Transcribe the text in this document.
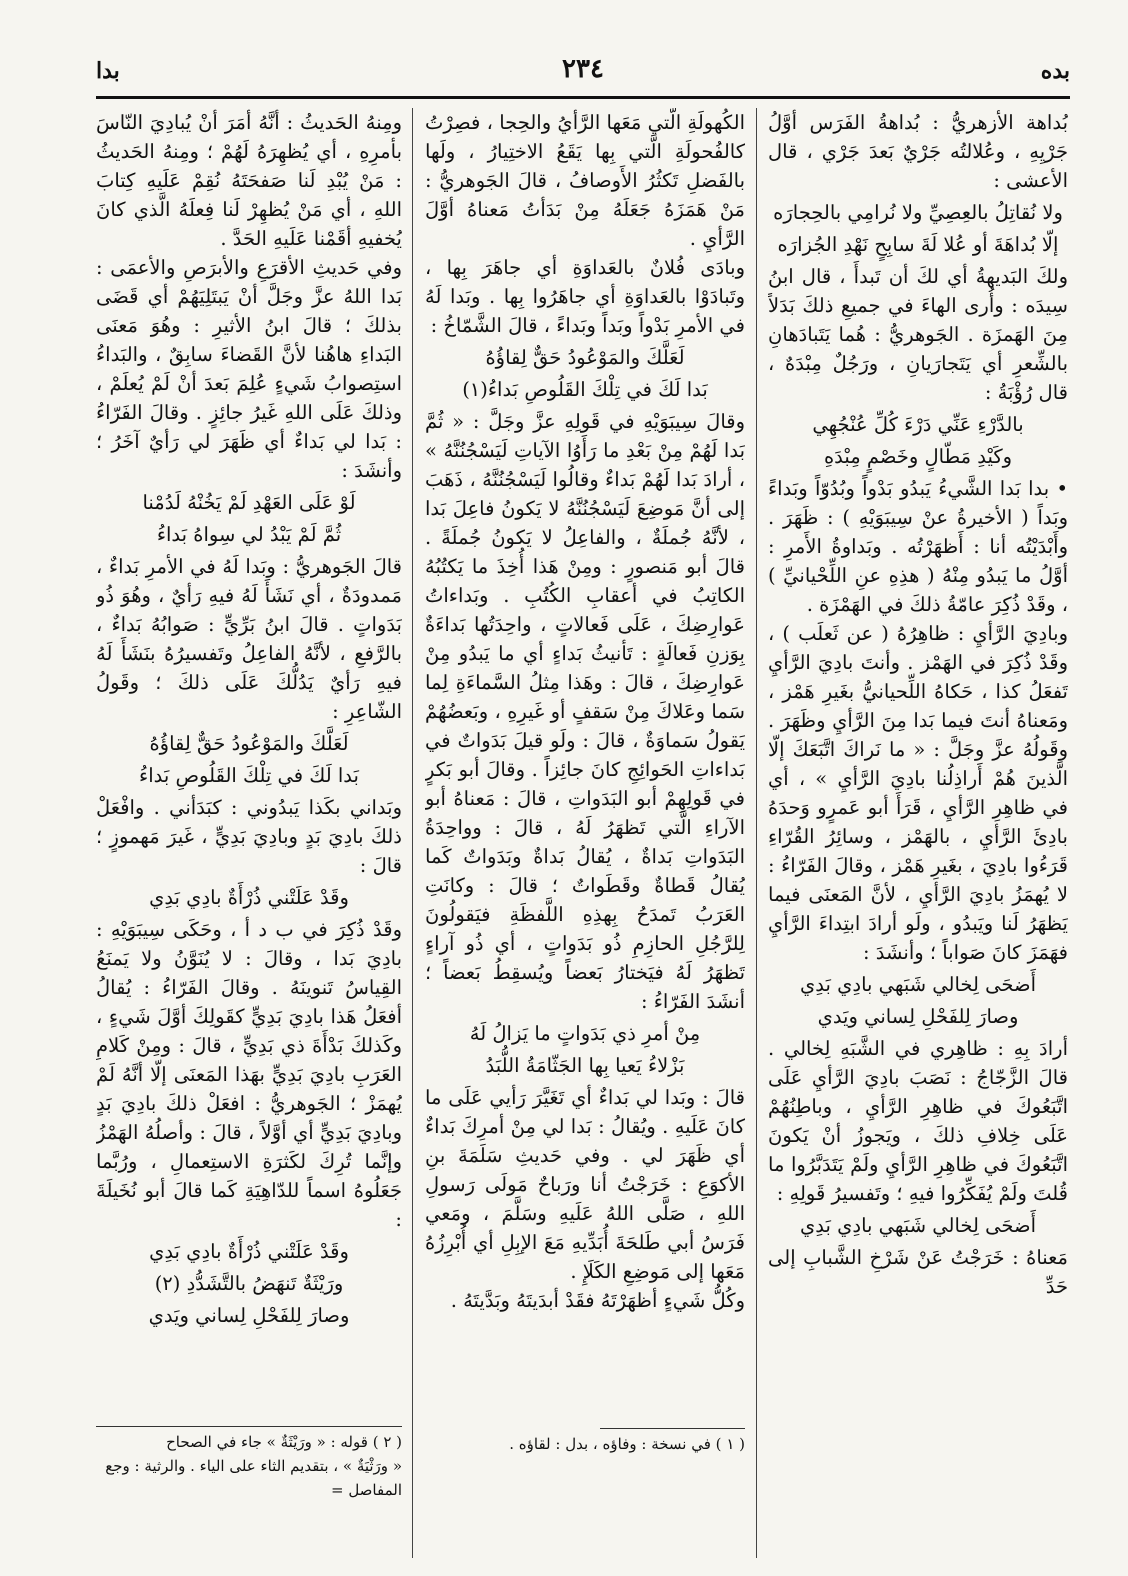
بده
٢٣٤
بدا

بُداهة الأزهريُّ : بُداهةُ الفَرَس أوَّلُ جَرْيِهِ ، وعُلالتُه جَرْيٌ بَعدَ جَرْي ، قال الأعشى :

ولا نُقاتِلُ بالعِصِيِّ ولا نُرامِي بالحِجارَه

إلّا بُداهَةَ أو عُلا لَةَ سابِحٍ نَهْدِ الجُزارَه

ولكَ البَديهةُ أي لكَ أن تَبدأَ ، قال ابنُ سِيدَه : وأُرى الهاءَ في جميعِ ذلكَ بَدَلاً مِنَ الهَمزَة . الجَوهريُّ : هُما يَتَبادَهانِ بالشِّعرِ أي يَتَجارَيانِ ، ورَجُلٌ مِبْدَهٌ ، قال رُؤْبَةُ :

بالدَّرْءِ عَنِّي دَرْءَ كُلِّ عُنْجُهِي

وكَيْدِ مَطّالٍ وخَصْمٍ مِبْدَهِ

• بدا بَدا الشَّيءُ يَبدُو بَدْواً وبُدُوّاً وبَداءً وبَداً ( الأخيرةُ عنْ سِيبَوَيْهِ ) : ظَهَرَ . وأَبْدَيْتُه أنا : أَظهَرْتُه . وبَداوةُ الأَمرِ : أوَّلُ ما يَبدُو مِنْهُ ( هذِهِ عنِ اللِّحْيانيِّ ) ، وقَدْ ذُكِرَ عامّةُ ذلكَ في الهَمْزَة .

وبادِيَ الرَّأيِ : ظاهِرُهُ ( عن ثَعلَب ) ، وقَدْ ذُكِرَ في الهَمْز . وأنتَ بادِيَ الرَّأيِ تَفعَلُ كذا ، حَكاهُ اللِّحيانيُّ بغَيرِ هَمْز ، ومَعناهُ أنتَ فيما بَدا مِنَ الرَّأيِ وظَهَرَ . وقَولُهُ عزَّ وجَلَّ : « ما نَراكَ اتَّبَعَكَ إلّا الَّذينَ هُمْ أَراذِلُنا بادِيَ الرَّأيِ » ، أي في ظاهِرِ الرَّأيِ ، قَرَأَ أبو عَمرٍو وَحدَهُ بادِئَ الرَّأيِ ، بالهَمْز ، وسائِرُ القُرّاءِ قَرَءُوا بادِيَ ، بغَيرِ هَمْز ، وقالَ الفَرّاءُ : لا يُهمَزُ بادِيَ الرَّأيِ ، لأنَّ المَعنَى فيما يَظهَرُ لَنا ويَبدُو ، ولَو أرادَ ابتِداءَ الرَّأيِ فهَمَزَ كانَ صَواباً ؛ وأنشَدَ :

أَضحَى لِخالي شَبَهي بادِي بَدِي

وصارَ لِلفَحْلِ لِساني ويَدي

أرادَ بِهِ : ظاهِري في الشَّبَهِ لِخالي . قالَ الزَّجّاجُ : نَصَبَ بادِيَ الرَّأيِ عَلَى اتَّبَعُوكَ في ظاهِرِ الرَّأيِ ، وباطِنُهُمْ عَلَى خِلافِ ذلكَ ، ويَجوزُ أنْ يَكونَ اتَّبَعُوكَ في ظاهِرِ الرَّأيِ ولَمْ يَتَدَبَّرُوا ما قُلتَ ولَمْ يُفَكِّرُوا فيهِ ؛ وتَفسيرُ قَولِهِ :

أَضحَى لِخالي شَبَهي بادِي بَدِي

مَعناهُ : خَرَجْتُ عَنْ شَرْخِ الشَّبابِ إلى حَدِّ

الكُهولَةِ الَّتي مَعَها الرَّأيُ والحِجا ، فصِرْتُ كالفُحولَةِ الَّتي بِها يَقَعُ الاختِيارُ ، ولَها بالفَضلِ تَكثُرُ الأَوصافُ ، قالَ الجَوهريُّ : مَنْ هَمَزَهُ جَعَلَهُ مِنْ بَدَأتُ مَعناهُ أوَّلَ الرَّأيِ .

وبادَى فُلانٌ بالعَداوَةِ أي جاهَرَ بِها ، وتَبادَوْا بالعَداوَةِ أي جاهَرُوا بِها . وبَدا لَهُ في الأمرِ بَدْواً وبَداً وبَداءً ، قالَ الشَّمّاخُ :

لَعَلَّكَ والمَوْعُودُ حَقٌّ لِقاؤُهُ

بَدا لَكَ في تِلْكَ القَلُوصِ بَداءُ(١)

وقالَ سِيبَوَيْهِ في قَولِهِ عزَّ وجَلَّ : « ثُمَّ بَدا لَهُمْ مِنْ بَعْدِ ما رَأَوُا الآياتِ لَيَسْجُنُنَّهُ » ، أرادَ بَدا لَهُمْ بَداءٌ وقالُوا لَيَسْجُنُنَّهُ ، ذَهَبَ إلى أنَّ مَوضِعَ لَيَسْجُنُنَّهُ لا يَكونُ فاعِلَ بَدا ، لأنَّهُ جُملَةٌ ، والفاعِلُ لا يَكونُ جُملَةً . قالَ أبو مَنصورٍ : ومِنْ هَذا أُخِذَ ما يَكتُبُهُ الكاتِبُ في أعقابِ الكُتُبِ . وبَداءاتُ عَوارِضِكَ ، عَلَى فَعالاتٍ ، واحِدَتُها بَداءَةٌ بِوَزنِ فَعالَةٍ : تَأنيثُ بَداءٍ أي ما يَبدُو مِنْ عَوارِضِكَ ، قالَ : وهَذا مِثلُ السَّماءَةِ لِما سَما وعَلاكَ مِنْ سَقفٍ أو غَيرِهِ ، وبَعضُهُمْ يَقولُ سَماوَةٌ ، قالَ : ولَو قيلَ بَدَواتٌ في بَداءاتِ الحَوائِجِ كانَ جائِزاً . وقالَ أبو بَكرٍ في قَولِهِمْ أبو البَدَواتِ ، قالَ : مَعناهُ أبو الآراءِ الَّتي تَظهَرُ لَهُ ، قالَ : وواحِدَةُ البَدَواتِ بَداةٌ ، يُقالُ بَداةٌ وبَدَواتٌ كَما يُقالُ قَطاةٌ وقَطَواتٌ ؛ قالَ : وكانَتِ العَرَبُ تَمدَحُ بِهذِهِ اللَّفظَةِ فيَقولُونَ لِلرَّجُلِ الحازِمِ ذُو بَدَواتٍ ، أي ذُو آراءٍ تَظهَرُ لَهُ فيَختارُ بَعضاً ويُسقِطُ بَعضاً ؛ أنشَدَ الفَرّاءُ :

مِنْ أمرِ ذي بَدَواتٍ ما يَزالُ لَهُ

بَزْلاءُ يَعيا بِها الجَثّامَةُ اللُّبَدُ

قالَ : وبَدا لي بَداءٌ أي تَغَيَّرَ رَأيي عَلَى ما كانَ عَلَيهِ . ويُقالُ : بَدا لي مِنْ أمرِكَ بَداءٌ أي ظَهَرَ لي . وفي حَديثِ سَلَمَةَ بنِ الأكوَعِ : خَرَجْتُ أنا ورَباحٌ مَولَى رَسولِ اللهِ ، صَلَّى اللهُ عَلَيهِ وسَلَّمَ ، ومَعي فَرَسُ أبي طَلحَةَ أُبَدِّيهِ مَعَ الإبِلِ أي أُبْرِزُهُ مَعَها إلى مَوضِعِ الكَلَإِ .

وكُلُّ شَيءٍ أظهَرْتَهُ فقَدْ أبدَيتَهُ وبَدَّيتَهُ .

( ١ ) في نسخة : وفاؤه ، بدل : لقاؤه .

ومِنهُ الحَديثُ : أنَّهُ أمَرَ أنْ يُبادِيَ النّاسَ بأمرِهِ ، أي يُظهِرَهُ لَهُمْ ؛ ومِنهُ الحَديثُ : مَنْ يُبْدِ لَنا صَفحَتَهُ نُقِمْ عَلَيهِ كِتابَ اللهِ ، أي مَنْ يُظهِرْ لَنا فِعلَهُ الَّذي كانَ يُخفيهِ أقَمْنا عَلَيهِ الحَدَّ .

وفي حَديثِ الأقرَعِ والأبرَصِ والأعمَى : بَدا اللهُ عزَّ وجَلَّ أنْ يَبتَلِيَهُمْ أي قَضَى بذلكَ ؛ قالَ ابنُ الأثيرِ : وهُوَ مَعنَى البَداءِ هاهُنا لأنَّ القَضاءَ سابِقٌ ، والبَداءُ استِصوابُ شَيءٍ عُلِمَ بَعدَ أنْ لَمْ يُعلَمْ ، وذلكَ عَلَى اللهِ غَيرُ جائِزٍ . وقالَ الفَرّاءُ : بَدا لي بَداءٌ أي ظَهَرَ لي رَأيٌ آخَرُ ؛ وأنشَدَ :

لَوْ عَلَى العَهْدِ لَمْ يَخُنْهُ لَدُمْنا

ثُمَّ لَمْ يَبْدُ لي سِواهُ بَداءُ

قالَ الجَوهريُّ : وبَدا لَهُ في الأمرِ بَداءٌ ، مَمدودَةٌ ، أي نَشَأَ لَهُ فيهِ رَأيٌ ، وهُوَ ذُو بَدَواتٍ . قالَ ابنُ بَرِّيٍّ : صَوابُهُ بَداءٌ ، بالرَّفعِ ، لأنَّهُ الفاعِلُ وتَفسيرُهُ بنَشَأَ لَهُ فيهِ رَأيٌ يَدُلُّكَ عَلَى ذلكَ ؛ وقَولُ الشّاعِرِ :

لَعَلَّكَ والمَوْعُودُ حَقٌّ لِقاؤُهُ

بَدا لَكَ في تِلْكَ القَلُوصِ بَداءُ

وبَداني بكَذا يَبدُوني : كبَدَأني . وافْعَلْ ذلكَ بادِيَ بَدٍ وبادِيَ بَدِيٍّ ، غَيرَ مَهموزٍ ؛ قالَ :

وقَدْ عَلَتْني ذُرْأَةٌ بادِي بَدِي

وقَدْ ذُكِرَ في ب د أ ، وحَكَى سِيبَوَيْهِ : بادِيَ بَدا ، وقالَ : لا يُنَوَّنُ ولا يَمنَعُ القِياسُ تَنوينَهُ . وقالَ الفَرّاءُ : يُقالُ أفعَلُ هَذا بادِيَ بَدِيٍّ كقَولِكَ أوَّلَ شَيءٍ ، وكَذلكَ بَدْأَةَ ذي بَدِيٍّ ، قالَ : ومِنْ كَلامِ العَرَبِ بادِيَ بَدِيٍّ بهَذا المَعنَى إلّا أنَّهُ لَمْ يُهمَزْ ؛ الجَوهريُّ : افعَلْ ذلكَ بادِيَ بَدٍ وبادِيَ بَدِيٍّ أي أوَّلاً ، قالَ : وأصلُهُ الهَمْزُ وإنَّما تُرِكَ لكَثرَةِ الاستِعمالِ ، ورُبَّما جَعَلُوهُ اسماً للدّاهِيَةِ كَما قالَ أبو نُخَيلَةَ :

وقَدْ عَلَتْني ذُرْأَةٌ بادِي بَدِي

ورَيْثَةٌ تَنهَضُ بالتَّشَدُّدِ (٢)

وصارَ لِلفَحْلِ لِساني ويَدي

( ٢ ) قوله : « ورَيْثَةٌ » جاء في الصحاح
« ورَثْيَةٌ » ، بتقديم الثاء على الياء . والرثية : وجع المفاصل =
